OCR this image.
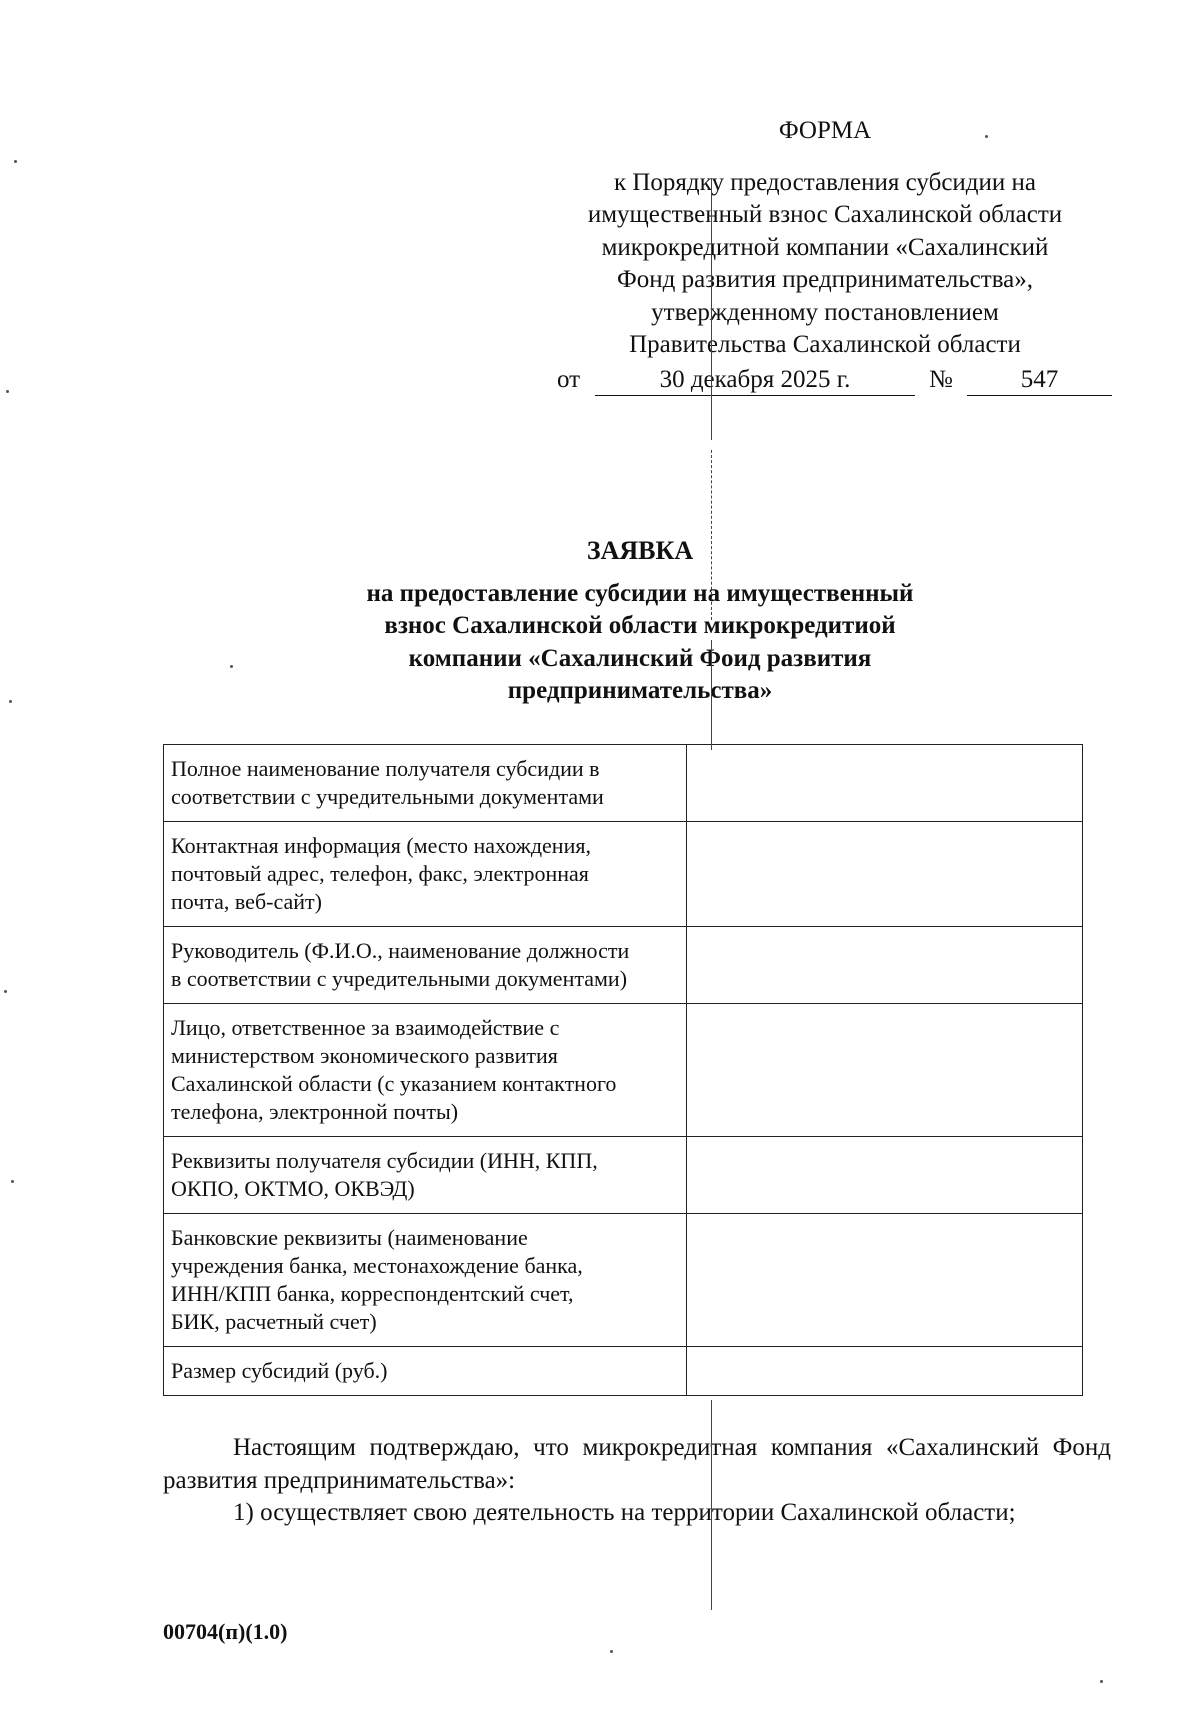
ФОРМА
к Порядку предоставления субсидии на
имущественный взнос Сахалинской области
микрокредитной компании «Сахалинский
Фонд развития предпринимательства»,
утвержденному постановлением
Правительства Сахалинской области
от	30 декабря 2025 г.	№	547
ЗАЯВКА
на предоставление субсидии на имущественный
взнос Сахалинской области микрокредитиой
компании «Сахалинский Фоид развития
предпринимательства»
Полное наименование получателя субсидии в
соответствии с учредительными документами	

Контактная информация (место нахождения,
почтовый адрес, телефон, факс, электронная
почта, веб-сайт)	

Руководитель (Ф.И.О., наименование должности
в соответствии с учредительными документами)	

Лицо, ответственное за взаимодействие с
министерством экономического развития
Сахалинской области (с указанием контактного
телефона, электронной почты)	

Реквизиты получателя субсидии (ИНН, КПП,
ОКПО, ОКТМО, ОКВЭД)	

Банковские реквизиты (наименование
учреждения банка, местонахождение банка,
ИНН/КПП банка, корреспондентский счет,
БИК, расчетный счет)	

Размер субсидий (руб.)	

Настоящим подтверждаю, что микрокредитная компания «Сахалинский Фонд развития предпринимательства»:

1) осуществляет свою деятельность на территории Сахалинской области;

00704(п)(1.0)
